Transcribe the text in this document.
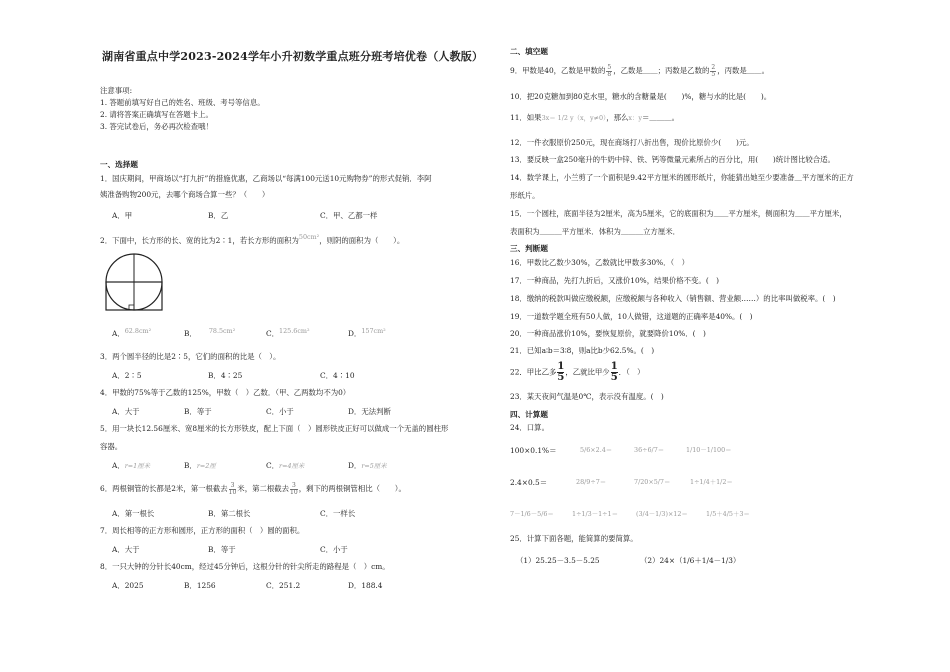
湖南省重点中学2023-2024学年小升初数学重点班分班考培优卷（人教版）
注意事项:
1. 答题前填写好自己的姓名、班级、考号等信息。
2. 请将答案正确填写在答题卡上。
3. 答完试卷后，务必再次检查哦！
一、选择题
1．国庆期间，甲商场以“打九折”的措施优惠，乙商场以“每满100元送10元购物券”的形式促销．李阿
姨准备购物200元，去哪个商场合算一些？（　　）
A．甲	B．乙	C．甲、乙都一样
2．下面中，长方形的长、宽的比为2∶1，若长方形的面积为50cm²，则阴的面积为（　　）。
A．62.8cm²	B． 78.5cm²	C．125.6cm²	D．157cm²
3．两个圆半径的比是2∶5，它们的面积的比是（　）。
A．2∶5	B．4∶25	C．4∶10
4．甲数的75%等于乙数的125%，甲数（　）乙数．（甲、乙两数均不为0）
A．大于	B．等于	C．小于	D．无法判断
5．用一块长12.56厘米、宽8厘米的长方形铁皮，配上下面（　）圆形铁皮正好可以做成一个无盖的圆柱形
容器。
A．r=1厘米	B．r=2厘	C．r=4厘米	D．r=5厘米
6．两根铜管的长都是2米，第一根截去 $\frac{3}{10}$ 米，第二根截去 $\frac{3}{10}$ ，剩下的两根铜管相比（　　）。
A．第一根长	B．第二根长	C．一样长
7．周长相等的正方形和圆形，正方形的面积（　）圆的面积。
A．大于	B．等于	C．小于
8．一只大钟的分针长40cm，经过45分钟后，这根分针的针尖所走的路程是（　）cm。
A．2025	B．1256	C．251.2	D．188.4
二、填空题
9．甲数是40，乙数是甲数的 $\frac{5}{8}$ ，乙数是＿＿；丙数是乙数的 $\frac{2}{5}$ ，丙数是＿＿。
10．把20克糖加到80克水里，糖水的含糖量是(　　)%，糖与水的比是(　　)。
11．如果3x＝ 1/2 y（x，y≠0），那么x：y＝＿＿＿。
12．一件衣服原价250元，现在商场打八折出售，现价比原价少(　　)元。
13．要反映一盒250毫升的牛奶中锌、铁、钙等微量元素所占的百分比，用(　　)统计图比较合适。
14．数学课上，小兰剪了一个面积是9.42平方厘米的圆形纸片，你能猜出她至少要准备＿平方厘米的正方
形纸片。
15．一个圆柱，底面半径为2厘米，高为5厘米，它的底面积为＿＿平方厘米，侧面积为＿＿平方厘米，
表面积为＿＿＿平方厘米．体积为＿＿＿立方厘米．
三、判断题
16．甲数比乙数少30%，乙数就比甲数多30%．（　）
17．一种商品，先打九折后，又涨价10%，结果价格不变。(　)
18．缴纳的税款叫做应缴税额，应缴税额与各种收入（销售额、营业额……）的比率叫做税率。(　)
19．一道数学题全班有50人做，10人做错，这道题的正确率是40%。(　)
20．一种商品涨价10%，要恢复原价，就要降价10%．(　)
21．已知a∶b＝3∶8，则a比b少62.5%。(　)
22．甲比乙多 $\frac{1}{5}$ ，乙就比甲少 $\frac{1}{5}$ ．（　）
23．某天夜间气温是0℃，表示没有温度。(　)
四、计算题
24．口算。
100×0.1%＝	5/6×2.4＝	36÷6/7＝	1/10－1/100＝
2.4×0.5＝	28/9÷7＝	7/20×5/7＝	1÷1/4＋1/2＝
7－1/6－5/6＝	1÷1/3－1÷1＝	(3/4－1/3)×12＝	1/5＋4/5＋3＝
25．计算下面各题，能简算的要简算。
（1）25.25－3.5－5.25	（2）24×（1/6＋1/4－1/3）
